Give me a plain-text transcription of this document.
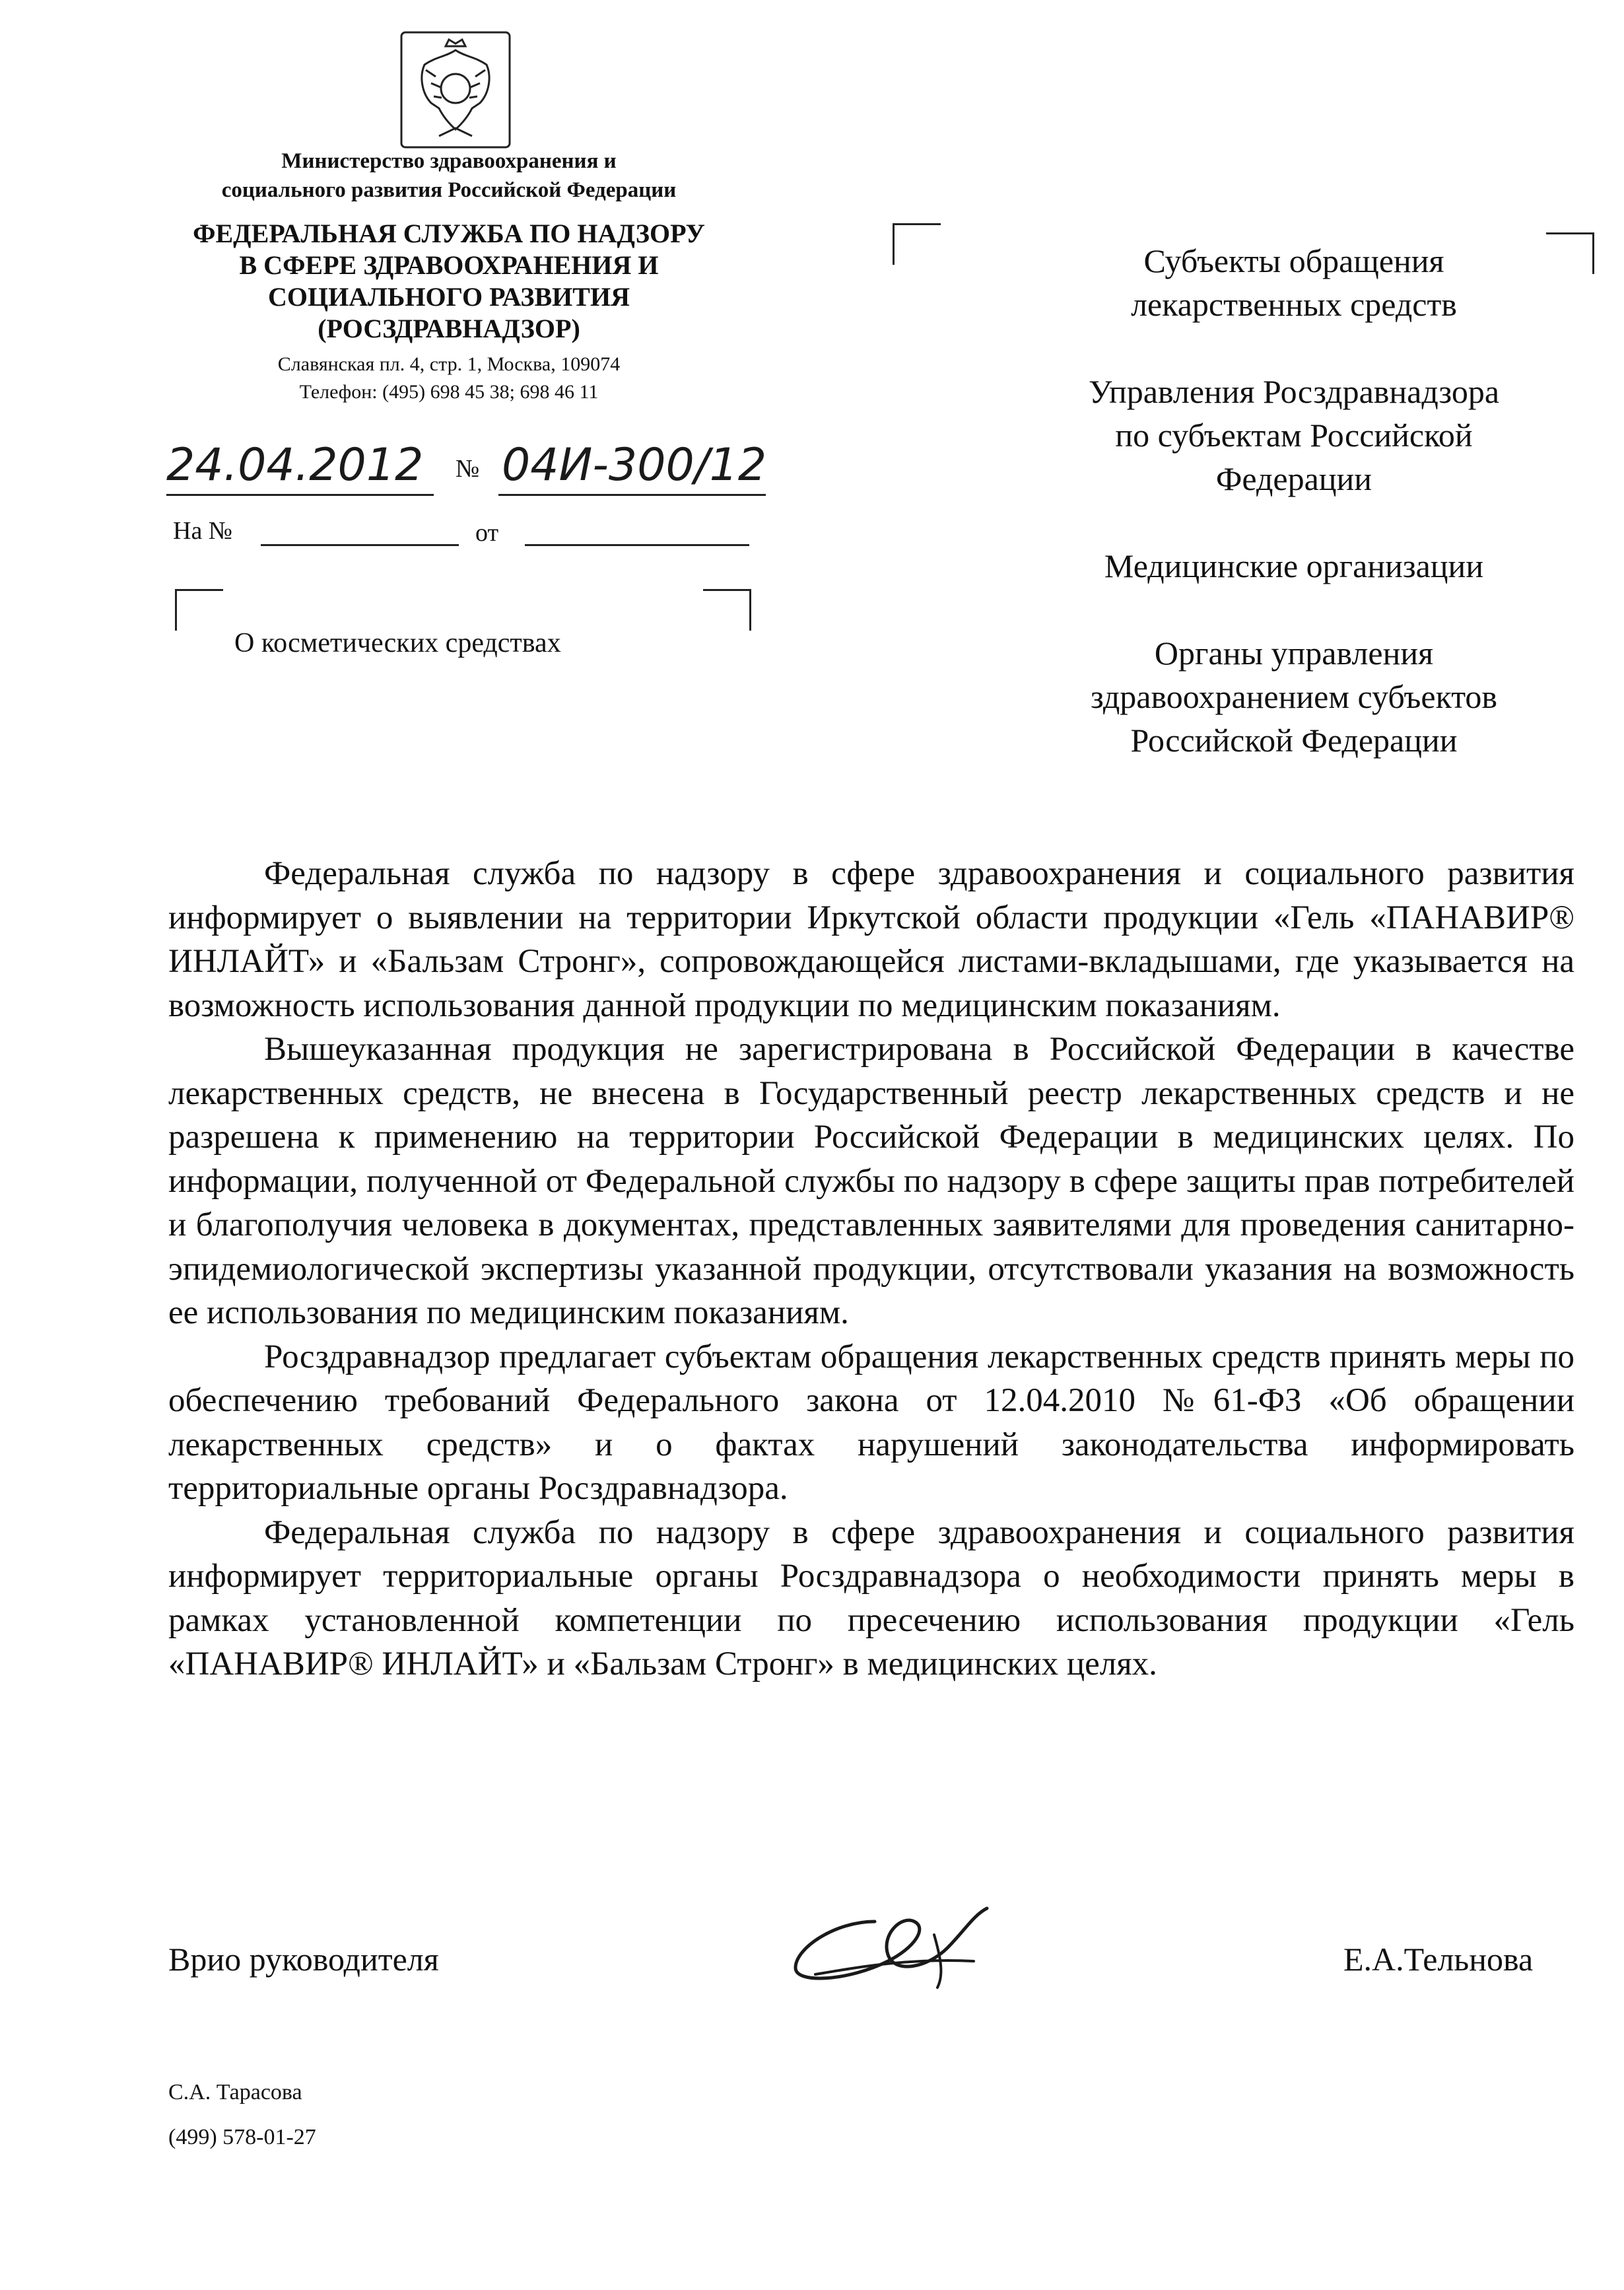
Министерство здравоохранения и
социального развития Российской Федерации
ФЕДЕРАЛЬНАЯ СЛУЖБА ПО НАДЗОРУ
В СФЕРЕ ЗДРАВООХРАНЕНИЯ И
СОЦИАЛЬНОГО РАЗВИТИЯ
(РОСЗДРАВНАДЗОР)
Славянская пл. 4, стр. 1, Москва, 109074
Телефон: (495) 698 45 38; 698 46 11
24.04.2012 № 04И-300/12
На №	от
О косметических средствах
Субъекты обращения
лекарственных средств
Управления Росздравнадзора
по субъектам Российской
Федерации
Медицинские организации
Органы управления
здравоохранением субъектов
Российской Федерации

Федеральная служба по надзору в сфере здравоохранения и социального развития информирует о выявлении на территории Иркутской области продукции «Гель «ПАНАВИР® ИНЛАЙТ» и «Бальзам Стронг», сопровождающейся листами-вкладышами, где указывается на возможность использования данной продукции по медицинским показаниям.

Вышеуказанная продукция не зарегистрирована в Российской Федерации в качестве лекарственных средств, не внесена в Государственный реестр лекарственных средств и не разрешена к применению на территории Российской Федерации в медицинских целях. По информации, полученной от Федеральной службы по надзору в сфере защиты прав потребителей и благополучия человека в документах, представленных заявителями для проведения санитарно-эпидемиологической экспертизы указанной продукции, отсутствовали указания на возможность ее использования по медицинским показаниям.

Росздравнадзор предлагает субъектам обращения лекарственных средств принять меры по обеспечению требований Федерального закона от 12.04.2010 №61-ФЗ «Об обращении лекарственных средств» и о фактах нарушений законодательства информировать территориальные органы Росздравнадзора.

Федеральная служба по надзору в сфере здравоохранения и социального развития информирует территориальные органы Росздравнадзора о необходимости принять меры в рамках установленной компетенции по пресечению использования продукции «Гель «ПАНАВИР® ИНЛАЙТ» и «Бальзам Стронг» в медицинских целях.

Врио руководителя	Е.А.Тельнова
С.А. Тарасова
(499) 578-01-27
